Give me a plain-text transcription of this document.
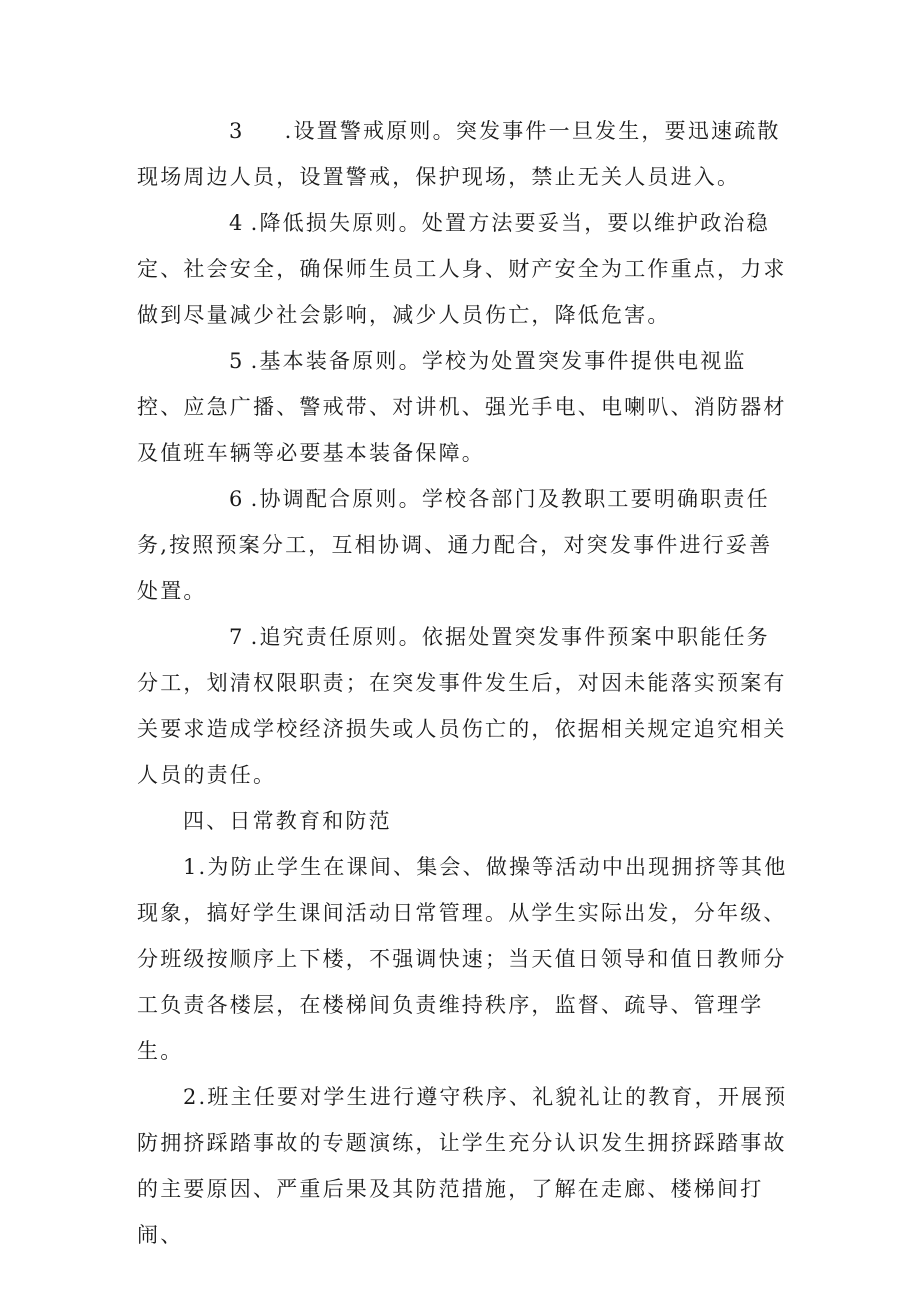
3 .设置警戒原则。突发事件一旦发生，要迅速疏散现场周边人员，设置警戒，保护现场，禁止无关人员进入。

4 .降低损失原则。处置方法要妥当，要以维护政治稳定、社会安全，确保师生员工人身、财产安全为工作重点，力求做到尽量减少社会影响，减少人员伤亡，降低危害。

5 .基本装备原则。学校为处置突发事件提供电视监控、应急广播、警戒带、对讲机、强光手电、电喇叭、消防器材及值班车辆等必要基本装备保障。

6 .协调配合原则。学校各部门及教职工要明确职责任务,按照预案分工，互相协调、通力配合，对突发事件进行妥善处置。

7 .追究责任原则。依据处置突发事件预案中职能任务分工，划清权限职责；在突发事件发生后，对因未能落实预案有关要求造成学校经济损失或人员伤亡的，依据相关规定追究相关人员的责任。

四、日常教育和防范

1.为防止学生在课间、集会、做操等活动中出现拥挤等其他现象，搞好学生课间活动日常管理。从学生实际出发，分年级、分班级按顺序上下楼，不强调快速；当天值日领导和值日教师分工负责各楼层，在楼梯间负责维持秩序，监督、疏导、管理学生。

2.班主任要对学生进行遵守秩序、礼貌礼让的教育，开展预防拥挤踩踏事故的专题演练，让学生充分认识发生拥挤踩踏事故的主要原因、严重后果及其防范措施，了解在走廊、楼梯间打闹、
